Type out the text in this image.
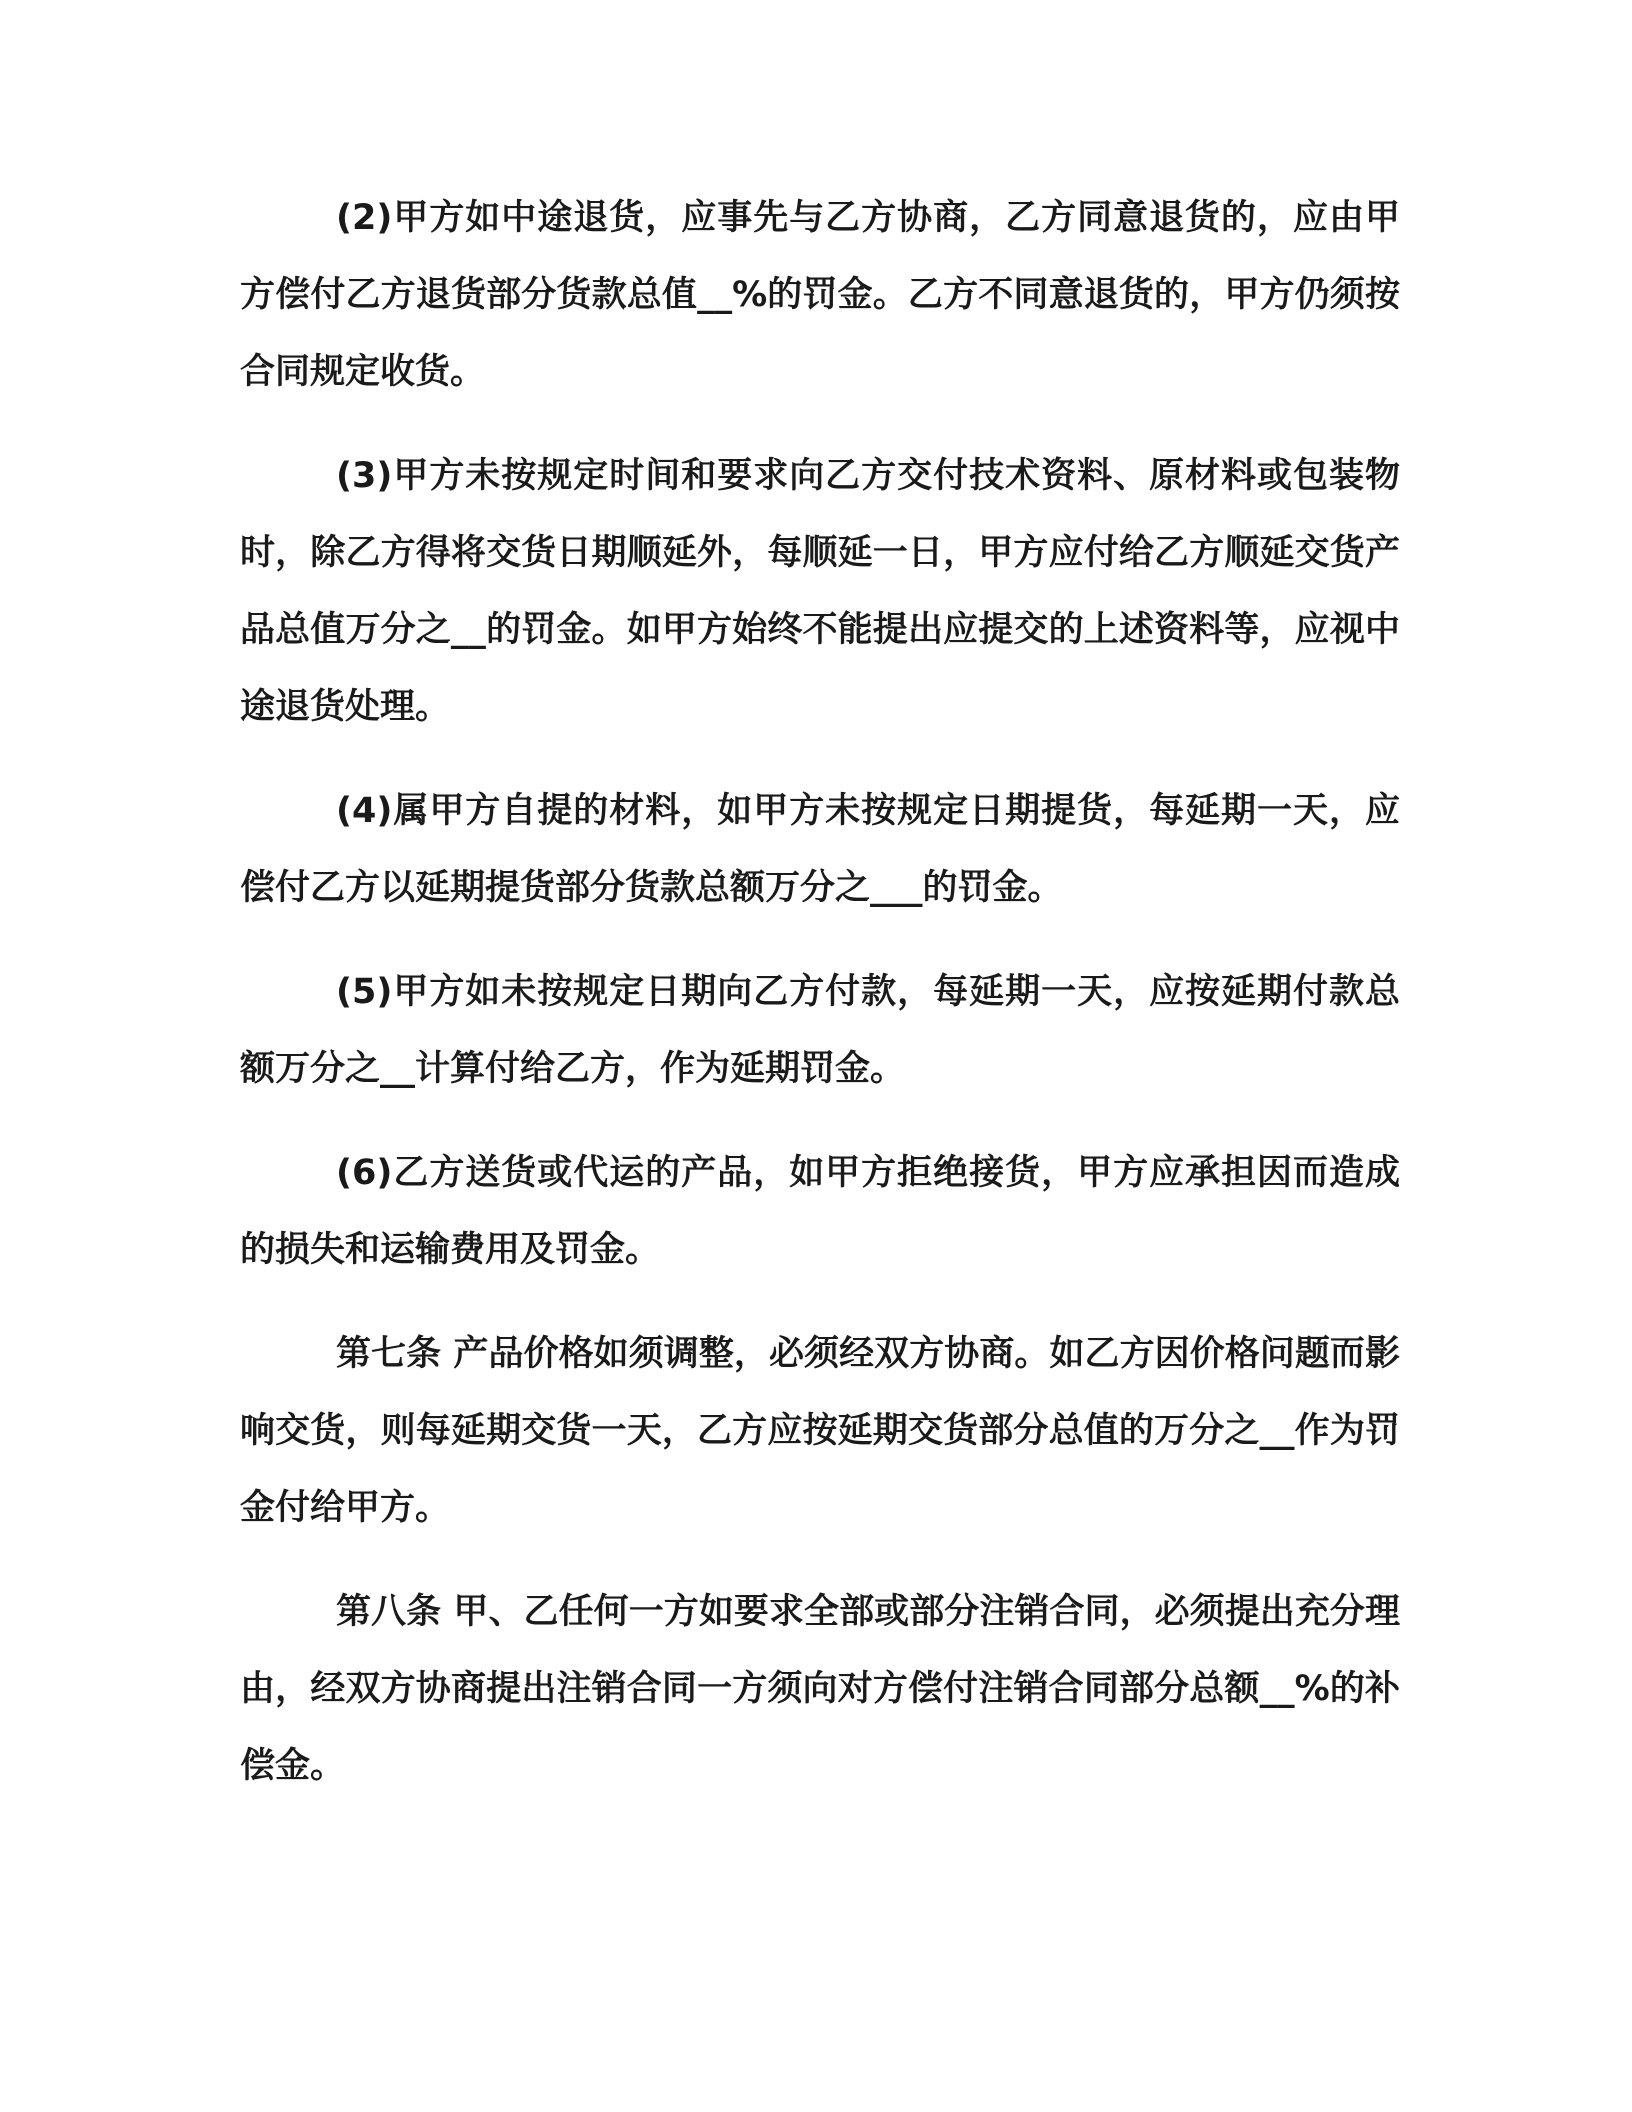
(2)甲方如中途退货，应事先与乙方协商，乙方同意退货的，应由甲方偿付乙方退货部分货款总值__%的罚金。乙方不同意退货的，甲方仍须按合同规定收货。

(3)甲方未按规定时间和要求向乙方交付技术资料、原材料或包装物时，除乙方得将交货日期顺延外，每顺延一日，甲方应付给乙方顺延交货产品总值万分之__的罚金。如甲方始终不能提出应提交的上述资料等，应视中途退货处理。

(4)属甲方自提的材料，如甲方未按规定日期提货，每延期一天，应偿付乙方以延期提货部分货款总额万分之___的罚金。

(5)甲方如未按规定日期向乙方付款，每延期一天，应按延期付款总额万分之__计算付给乙方，作为延期罚金。

(6)乙方送货或代运的产品，如甲方拒绝接货，甲方应承担因而造成的损失和运输费用及罚金。

第七条 产品价格如须调整，必须经双方协商。如乙方因价格问题而影响交货，则每延期交货一天，乙方应按延期交货部分总值的万分之__作为罚金付给甲方。

第八条 甲、乙任何一方如要求全部或部分注销合同，必须提出充分理由，经双方协商提出注销合同一方须向对方偿付注销合同部分总额__%的补偿金。
